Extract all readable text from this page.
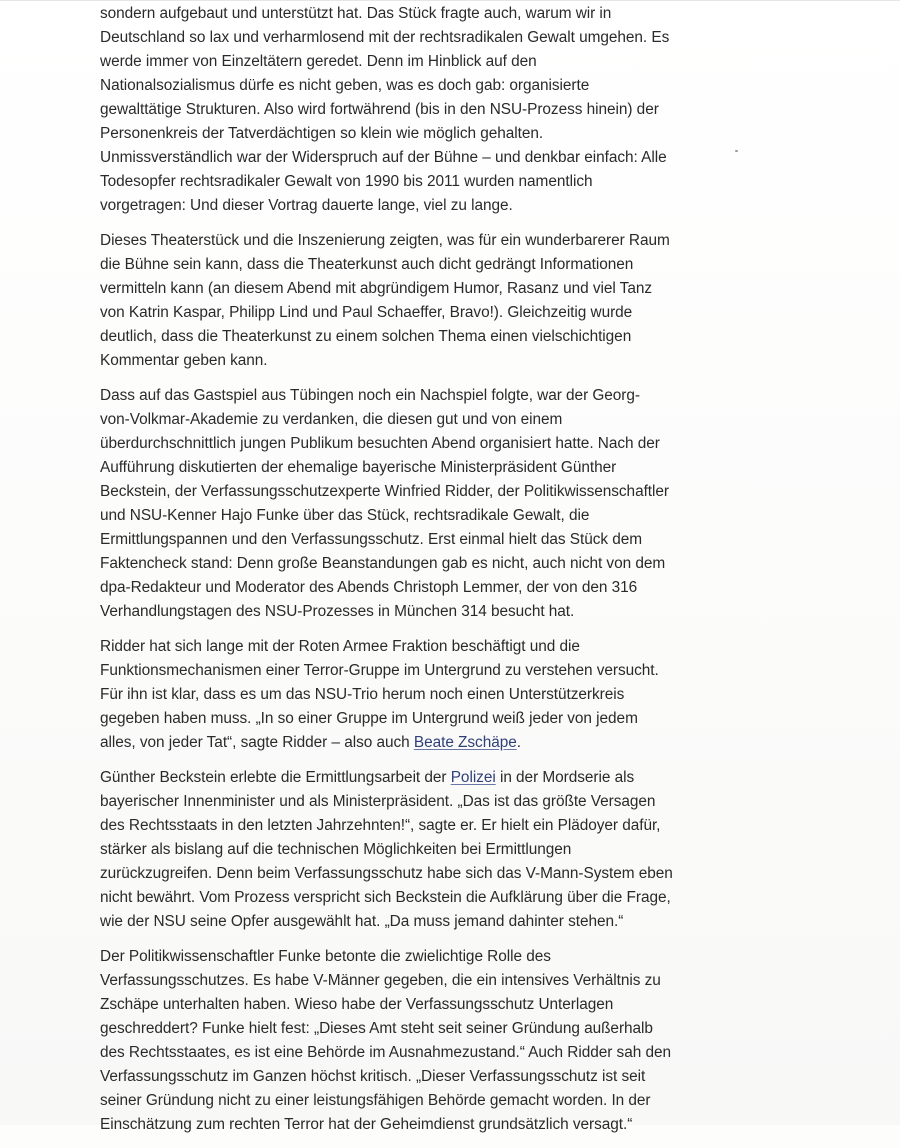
sondern aufgebaut und unterstützt hat. Das Stück fragte auch, warum wir in
Deutschland so lax und verharmlosend mit der rechtsradikalen Gewalt umgehen. Es
werde immer von Einzeltätern geredet. Denn im Hinblick auf den
Nationalsozialismus dürfe es nicht geben, was es doch gab: organisierte
gewalttätige Strukturen. Also wird fortwährend (bis in den NSU-Prozess hinein) der
Personenkreis der Tatverdächtigen so klein wie möglich gehalten.
Unmissverständlich war der Widerspruch auf der Bühne – und denkbar einfach: Alle
Todesopfer rechtsradikaler Gewalt von 1990 bis 2011 wurden namentlich
vorgetragen: Und dieser Vortrag dauerte lange, viel zu lange.

Dieses Theaterstück und die Inszenierung zeigten, was für ein wunderbarerer Raum
die Bühne sein kann, dass die Theaterkunst auch dicht gedrängt Informationen
vermitteln kann (an diesem Abend mit abgründigem Humor, Rasanz und viel Tanz
von Katrin Kaspar, Philipp Lind und Paul Schaeffer, Bravo!). Gleichzeitig wurde
deutlich, dass die Theaterkunst zu einem solchen Thema einen vielschichtigen
Kommentar geben kann.

Dass auf das Gastspiel aus Tübingen noch ein Nachspiel folgte, war der Georg-
von-Volkmar-Akademie zu verdanken, die diesen gut und von einem
überdurchschnittlich jungen Publikum besuchten Abend organisiert hatte. Nach der
Aufführung diskutierten der ehemalige bayerische Ministerpräsident Günther
Beckstein, der Verfassungsschutzexperte Winfried Ridder, der Politikwissenschaftler
und NSU-Kenner Hajo Funke über das Stück, rechtsradikale Gewalt, die
Ermittlungspannen und den Verfassungsschutz. Erst einmal hielt das Stück dem
Faktencheck stand: Denn große Beanstandungen gab es nicht, auch nicht von dem
dpa-Redakteur und Moderator des Abends Christoph Lemmer, der von den 316
Verhandlungstagen des NSU-Prozesses in München 314 besucht hat.

Ridder hat sich lange mit der Roten Armee Fraktion beschäftigt und die
Funktionsmechanismen einer Terror-Gruppe im Untergrund zu verstehen versucht.
Für ihn ist klar, dass es um das NSU-Trio herum noch einen Unterstützerkreis
gegeben haben muss. „In so einer Gruppe im Untergrund weiß jeder von jedem
alles, von jeder Tat“, sagte Ridder – also auch Beate Zschäpe.

Günther Beckstein erlebte die Ermittlungsarbeit der Polizei in der Mordserie als
bayerischer Innenminister und als Ministerpräsident. „Das ist das größte Versagen
des Rechtsstaats in den letzten Jahrzehnten!“, sagte er. Er hielt ein Plädoyer dafür,
stärker als bislang auf die technischen Möglichkeiten bei Ermittlungen
zurückzugreifen. Denn beim Verfassungsschutz habe sich das V-Mann-System eben
nicht bewährt. Vom Prozess verspricht sich Beckstein die Aufklärung über die Frage,
wie der NSU seine Opfer ausgewählt hat. „Da muss jemand dahinter stehen.“

Der Politikwissenschaftler Funke betonte die zwielichtige Rolle des
Verfassungsschutzes. Es habe V-Männer gegeben, die ein intensives Verhältnis zu
Zschäpe unterhalten haben. Wieso habe der Verfassungsschutz Unterlagen
geschreddert? Funke hielt fest: „Dieses Amt steht seit seiner Gründung außerhalb
des Rechtsstaates, es ist eine Behörde im Ausnahmezustand.“ Auch Ridder sah den
Verfassungsschutz im Ganzen höchst kritisch. „Dieser Verfassungsschutz ist seit
seiner Gründung nicht zu einer leistungsfähigen Behörde gemacht worden. In der
Einschätzung zum rechten Terror hat der Geheimdienst grundsätzlich versagt.“
